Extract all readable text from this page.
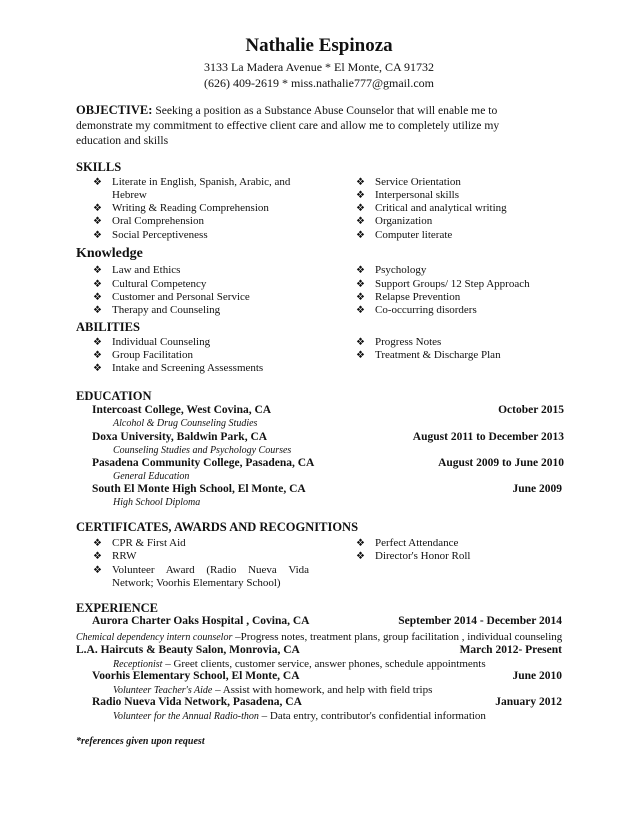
Nathalie Espinoza
3133 La Madera Avenue * El Monte, CA 91732
(626) 409-2619 * miss.nathalie777@gmail.com
OBJECTIVE: Seeking a position as a Substance Abuse Counselor that will enable me to demonstrate my commitment to effective client care and allow me to completely utilize my education and skills
SKILLS
❖ Literate in English, Spanish, Arabic, and
Hebrew
❖ Writing & Reading Comprehension
❖ Oral Comprehension
❖ Social Perceptiveness
❖ Service Orientation
❖ Interpersonal skills
❖ Critical and analytical writing
❖ Organization
❖ Computer literate
Knowledge
❖ Law and Ethics
❖ Cultural Competency
❖ Customer and Personal Service
❖ Therapy and Counseling
❖ Psychology
❖ Support Groups/ 12 Step Approach
❖ Relapse Prevention
❖ Co-occurring disorders
ABILITIES
❖ Individual Counseling
❖ Group Facilitation
❖ Intake and Screening Assessments
❖ Progress Notes
❖ Treatment & Discharge Plan
EDUCATION
Intercoast College, West Covina, CA	October 2015
Alcohol & Drug Counseling Studies
Doxa University, Baldwin Park, CA	August 2011 to December 2013
Counseling Studies and Psychology Courses
Pasadena Community College, Pasadena, CA	August 2009 to June 2010
General Education
South El Monte High School, El Monte, CA	June 2009
High School Diploma
CERTIFICATES, AWARDS AND RECOGNITIONS
❖ CPR & First Aid
❖ RRW
❖ Volunteer Award (Radio Nueva Vida
Network; Voorhis Elementary School)
❖ Perfect Attendance
❖ Director's Honor Roll
EXPERIENCE
Aurora Charter Oaks Hospital , Covina, CA	September 2014 - December 2014
Chemical dependency intern counselor –Progress notes, treatment plans, group facilitation , individual counseling
L.A. Haircuts & Beauty Salon, Monrovia, CA	March 2012- Present
Receptionist – Greet clients, customer service, answer phones, schedule appointments
Voorhis Elementary School, El Monte, CA	June 2010
Volunteer Teacher's Aide – Assist with homework, and help with field trips
Radio Nueva Vida Network, Pasadena, CA	January 2012
Volunteer for the Annual Radio-thon – Data entry, contributor's confidential information
*references given upon request
